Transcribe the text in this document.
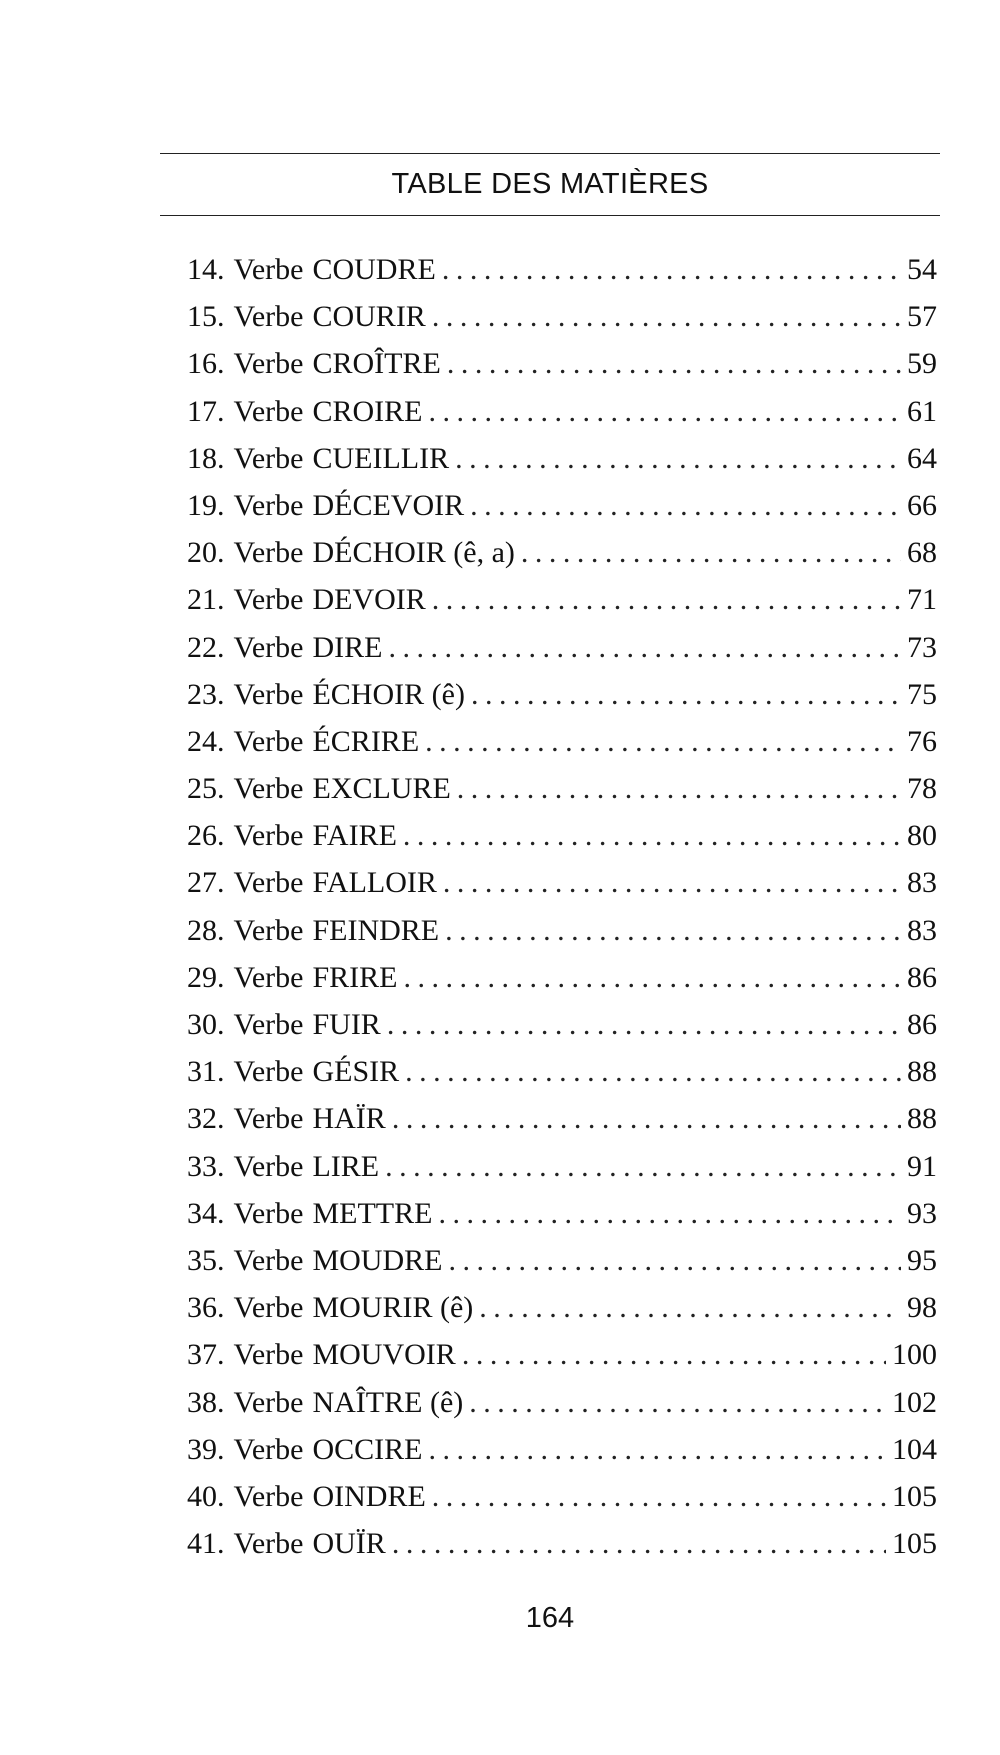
TABLE DES MATIÈRES
14. Verbe COUDRE . . .	54
15. Verbe COURIR . . .	57
16. Verbe CROÎTRE . . .	59
17. Verbe CROIRE . . .	61
18. Verbe CUEILLIR . . .	64
19. Verbe DÉCEVOIR . . .	66
20. Verbe DÉCHOIR (ê, a) . . .	68
21. Verbe DEVOIR . . .	71
22. Verbe DIRE . . .	73
23. Verbe ÉCHOIR (ê) . . .	75
24. Verbe ÉCRIRE . . .	76
25. Verbe EXCLURE . . .	78
26. Verbe FAIRE . . .	80
27. Verbe FALLOIR . . .	83
28. Verbe FEINDRE . . .	83
29. Verbe FRIRE . . .	86
30. Verbe FUIR . . .	86
31. Verbe GÉSIR . . .	88
32. Verbe HAÏR . . .	88
33. Verbe LIRE . . .	91
34. Verbe METTRE . . .	93
35. Verbe MOUDRE . . .	95
36. Verbe MOURIR (ê) . . .	98
37. Verbe MOUVOIR . . .	100
38. Verbe NAÎTRE (ê) . . .	102
39. Verbe OCCIRE . . .	104
40. Verbe OINDRE . . .	105
41. Verbe OUÏR . . .	105
164
